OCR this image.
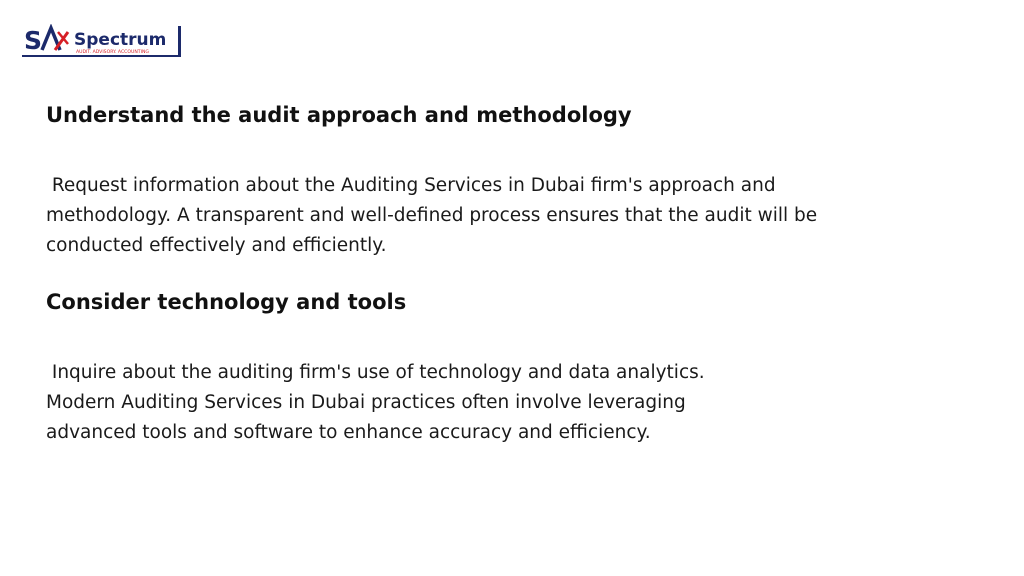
S Spectrum
AUDIT. ADVISORY. ACCOUNTING
Understand the audit approach and methodology

Request information about the Auditing Services in Dubai firm's approach and
methodology. A transparent and well-defined process ensures that the audit will be
conducted effectively and efficiently.

Consider technology and tools

Inquire about the auditing firm's use of technology and data analytics.
Modern Auditing Services in Dubai practices often involve leveraging
advanced tools and software to enhance accuracy and efficiency.
